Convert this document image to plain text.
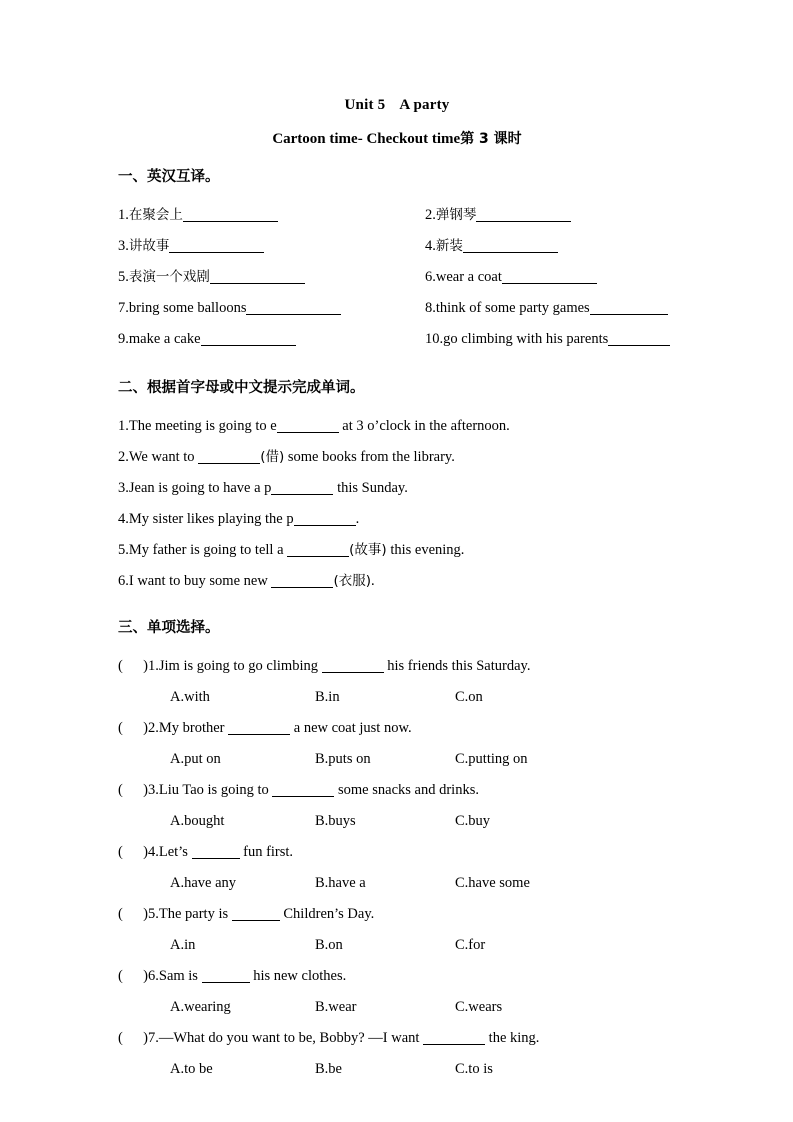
Unit 5 A party
Cartoon time- Checkout time第 3 课时
一、英汉互译。
1.在聚会上	2.弹钢琴
3.讲故事	4.新装
5.表演一个戏剧	6.wear a coat
7.bring some balloons	8.think of some party games
9.make a cake	10.go climbing with his parents
二、根据首字母或中文提示完成单词。
1.The meeting is going to e	at 3 o’clock in the afternoon.
2.We want to	(借) some books from the library.
3.Jean is going to have a p	this Sunday.
4.My sister likes playing the p	.
5.My father is going to tell a	(故事) this evening.
6.I want to buy some new	(衣服).
三、单项选择。
( ) 1.Jim is going to go climbing	his friends this Saturday.
A.with	B.in	C.on
( ) 2.My brother	a new coat just now.
A.put on	B.puts on	C.putting on
( ) 3.Liu Tao is going to	some snacks and drinks.
A.bought	B.buys	C.buy
( ) 4.Let’s	fun first.
A.have any	B.have a	C.have some
( ) 5.The party is	Children’s Day.
A.in	B.on	C.for
( ) 6.Sam is	his new clothes.
A.wearing	B.wear	C.wears
( ) 7.—What do you want to be, Bobby? —I want	the king.
A.to be	B.be	C.to is
